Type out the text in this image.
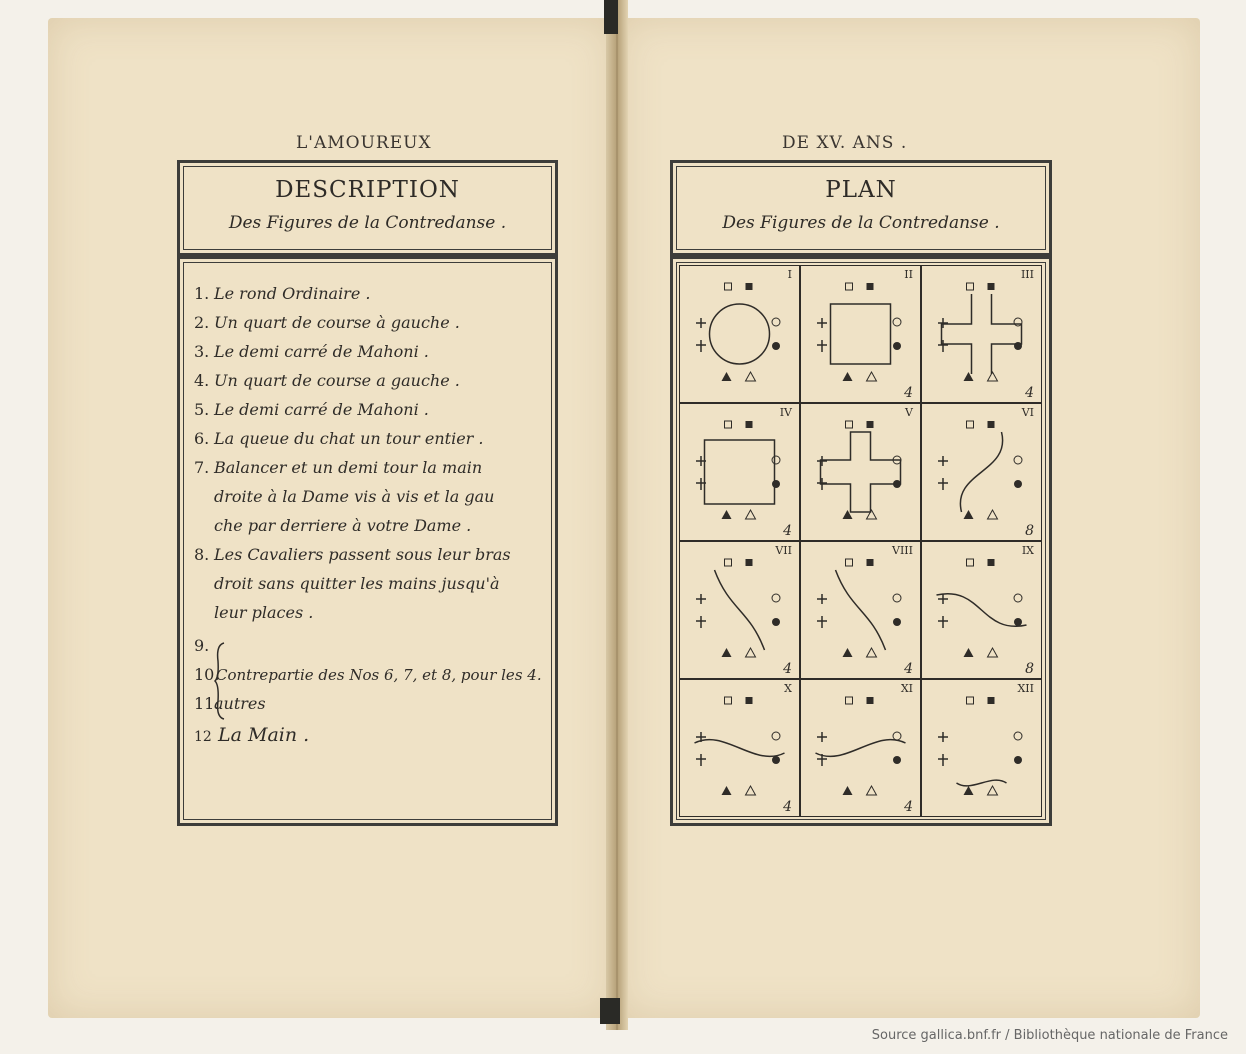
L'AMOUREUX	DE XV. ANS .
DESCRIPTION
Des Figures de la Contredanse .
1. Le rond Ordinaire .
2. Un quart de course à gauche .
3. Le demi carré de Mahoni .
4. Un quart de course a gauche .
5. Le demi carré de Mahoni .
6. La queue du chat un tour entier .
7. Balancer et un demi tour la main
droite à la Dame vis à vis et la gau
che par derriere à votre Dame .
8. Les Cavaliers passent sous leur bras
droit sans quitter les mains jusqu'à
leur places .
9.
10.Contrepartie des Nos 6, 7, et 8, pour les 4.
11.autres
12 La Main .
PLAN
Des Figures de la Contredanse .
I	II
4
III
4
IV
4
V	VI
8
VII
4
VIII
4
IX
8
X
4
XI
4
XII
Source gallica.bnf.fr / Bibliothèque nationale de France
